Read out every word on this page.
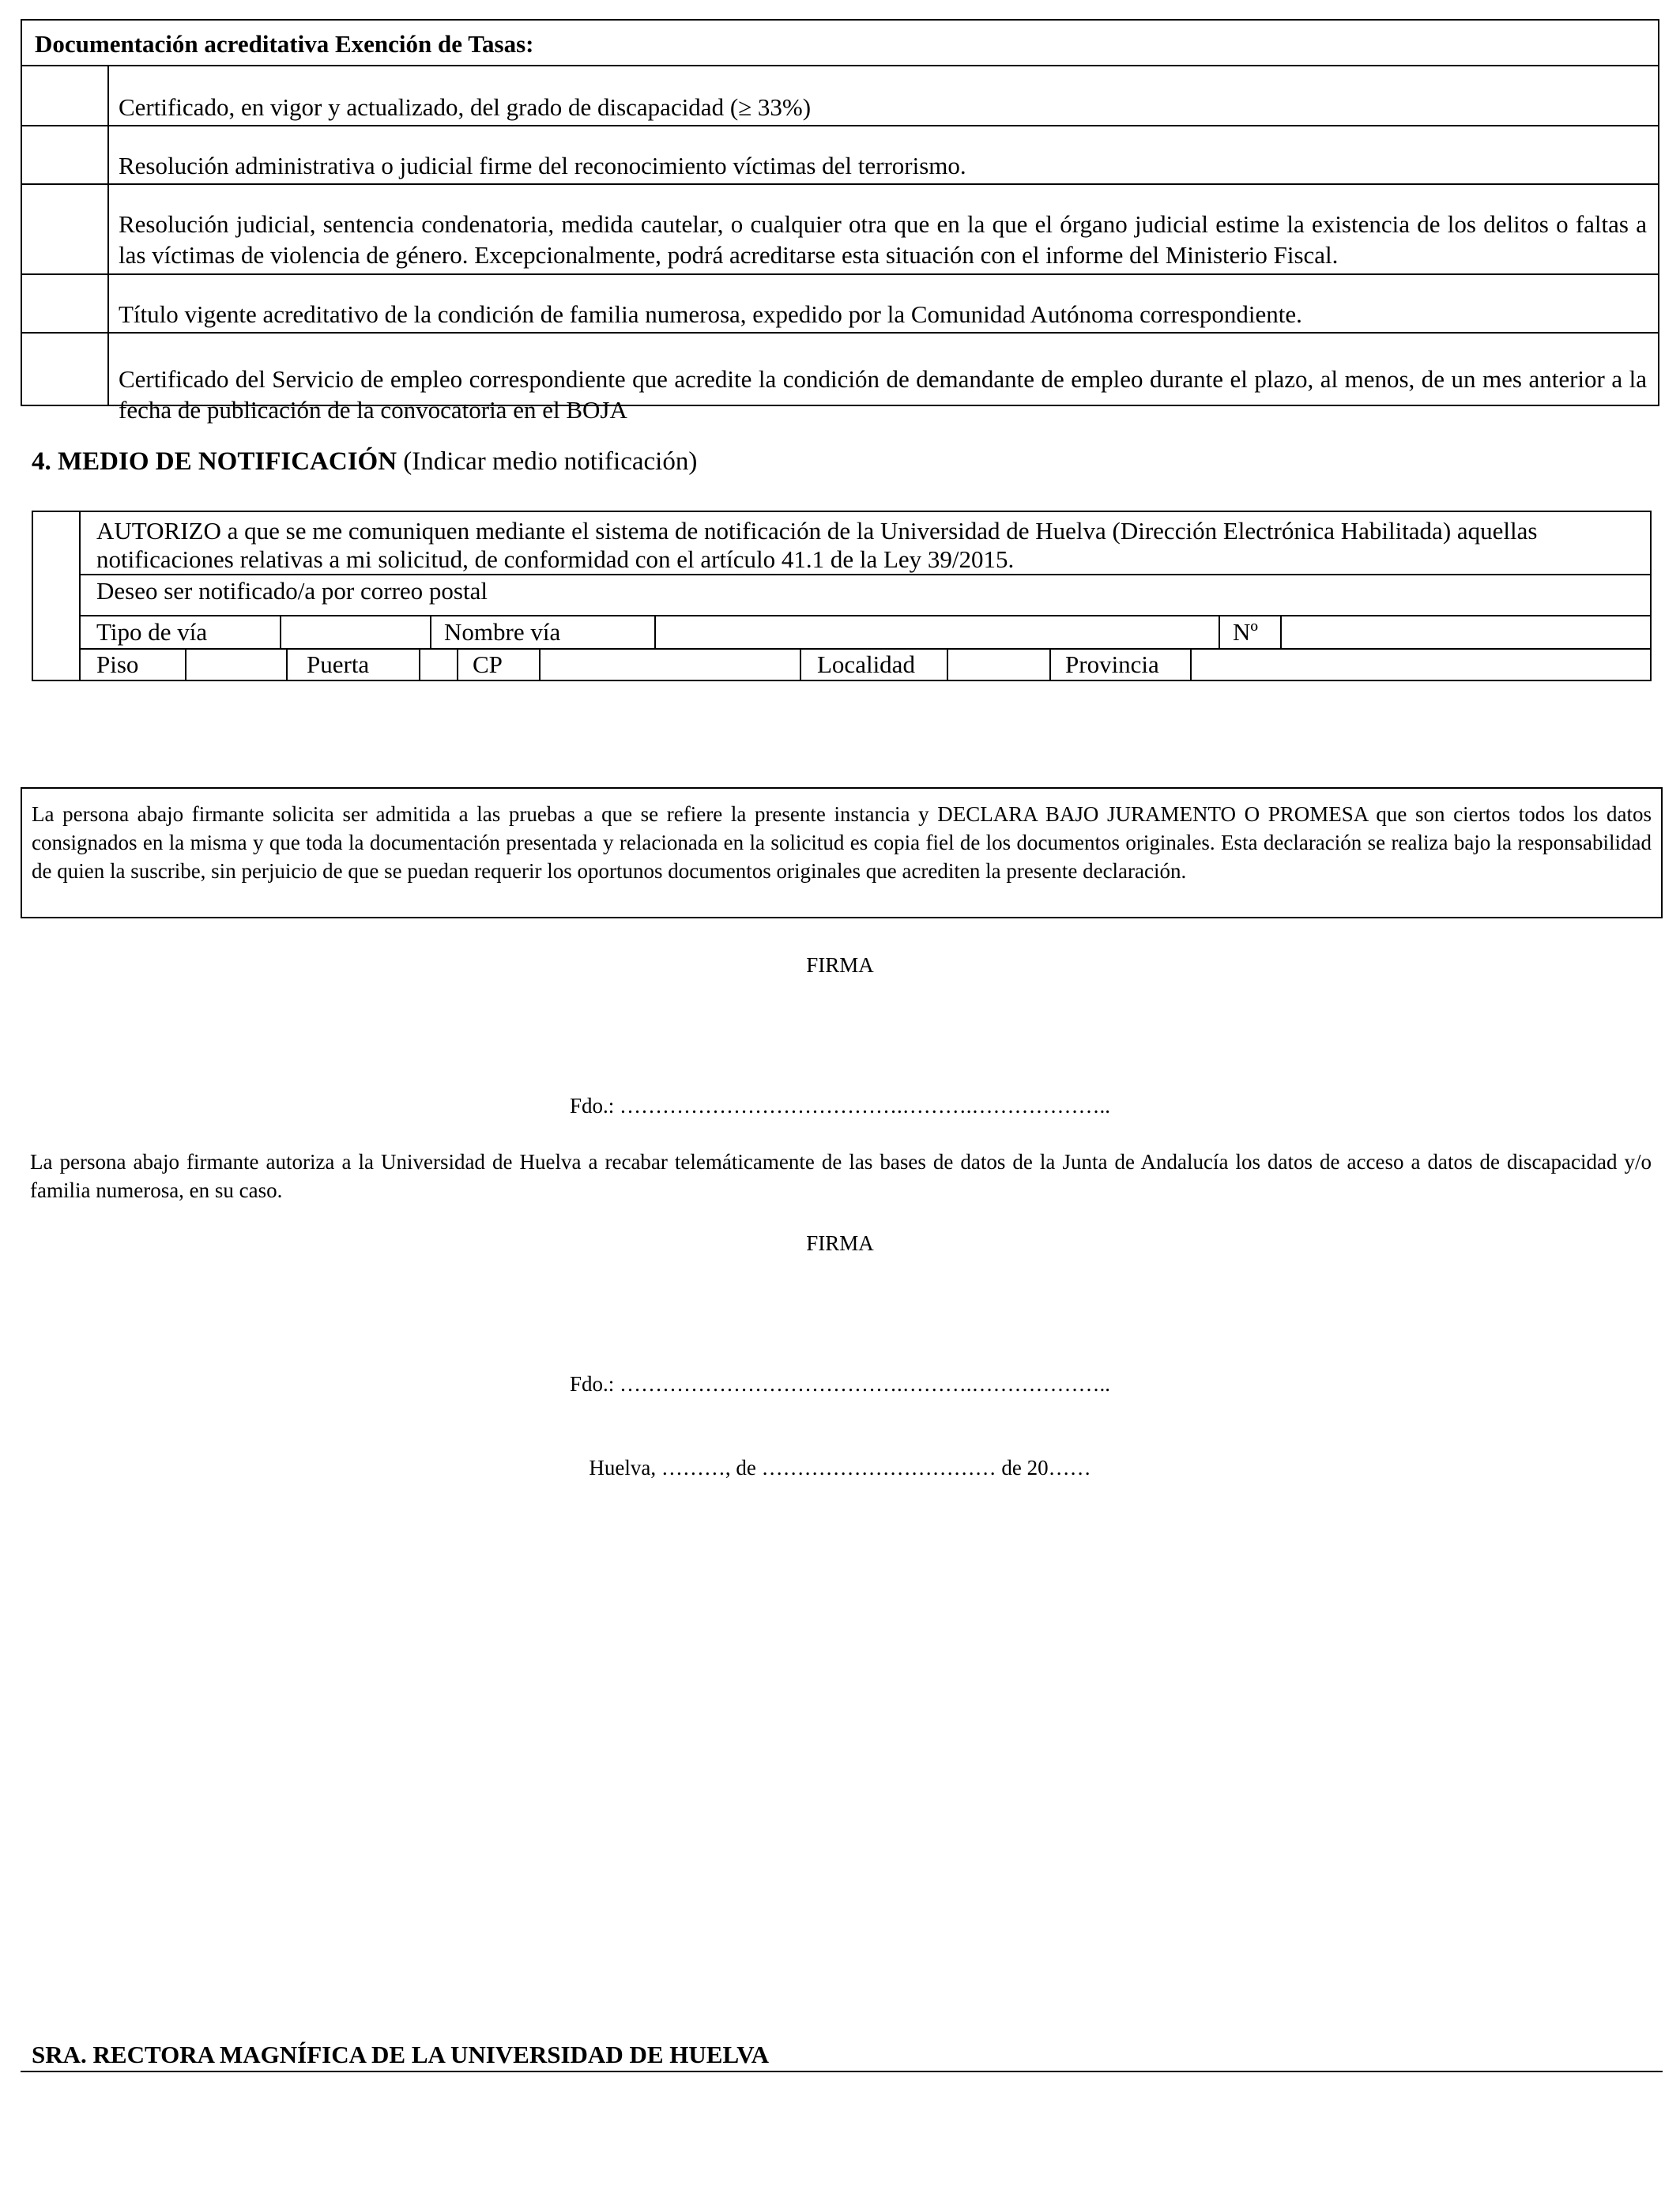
Documentación acreditativa Exención de Tasas:
Certificado, en vigor y actualizado, del grado de discapacidad (≥ 33%)
Resolución administrativa o judicial firme del reconocimiento víctimas del terrorismo.
Resolución judicial, sentencia condenatoria, medida cautelar, o cualquier otra que en la que el órgano judicial estime la existencia de los delitos o faltas a las víctimas de violencia de género. Excepcionalmente, podrá acreditarse esta situación con el informe del Ministerio Fiscal.
Título vigente acreditativo de la condición de familia numerosa, expedido por la Comunidad Autónoma correspondiente.
Certificado del Servicio de empleo correspondiente que acredite la condición de demandante de empleo durante el plazo, al menos, de un mes anterior a la fecha de publicación de la convocatoria en el BOJA
4. MEDIO DE NOTIFICACIÓN (Indicar medio notificación)
AUTORIZO a que se me comuniquen mediante el sistema de notificación de la Universidad de Huelva (Dirección Electrónica Habilitada) aquellas notificaciones relativas a mi solicitud, de conformidad con el artículo 41.1 de la Ley 39/2015.
Deseo ser notificado/a por correo postal
Tipo de vía	Nombre vía	Nº
Piso	Puerta	CP	Localidad	Provincia
La persona abajo firmante solicita ser admitida a las pruebas a que se refiere la presente instancia y DECLARA BAJO JURAMENTO O PROMESA que son ciertos todos los datos consignados en la misma y que toda la documentación presentada y relacionada en la solicitud es copia fiel de los documentos originales. Esta declaración se realiza bajo la responsabilidad de quien la suscribe, sin perjuicio de que se puedan requerir los oportunos documentos originales que acrediten la presente declaración.
FIRMA
Fdo.: ………………………………….……….………………..
La persona abajo firmante autoriza a la Universidad de Huelva a recabar telemáticamente de las bases de datos de la Junta de Andalucía los datos de acceso a datos de discapacidad y/o familia numerosa, en su caso.
FIRMA
Fdo.: ………………………………….……….………………..
Huelva, ………, de …………………………… de 20……
SRA. RECTORA MAGNÍFICA DE LA UNIVERSIDAD DE HUELVA
